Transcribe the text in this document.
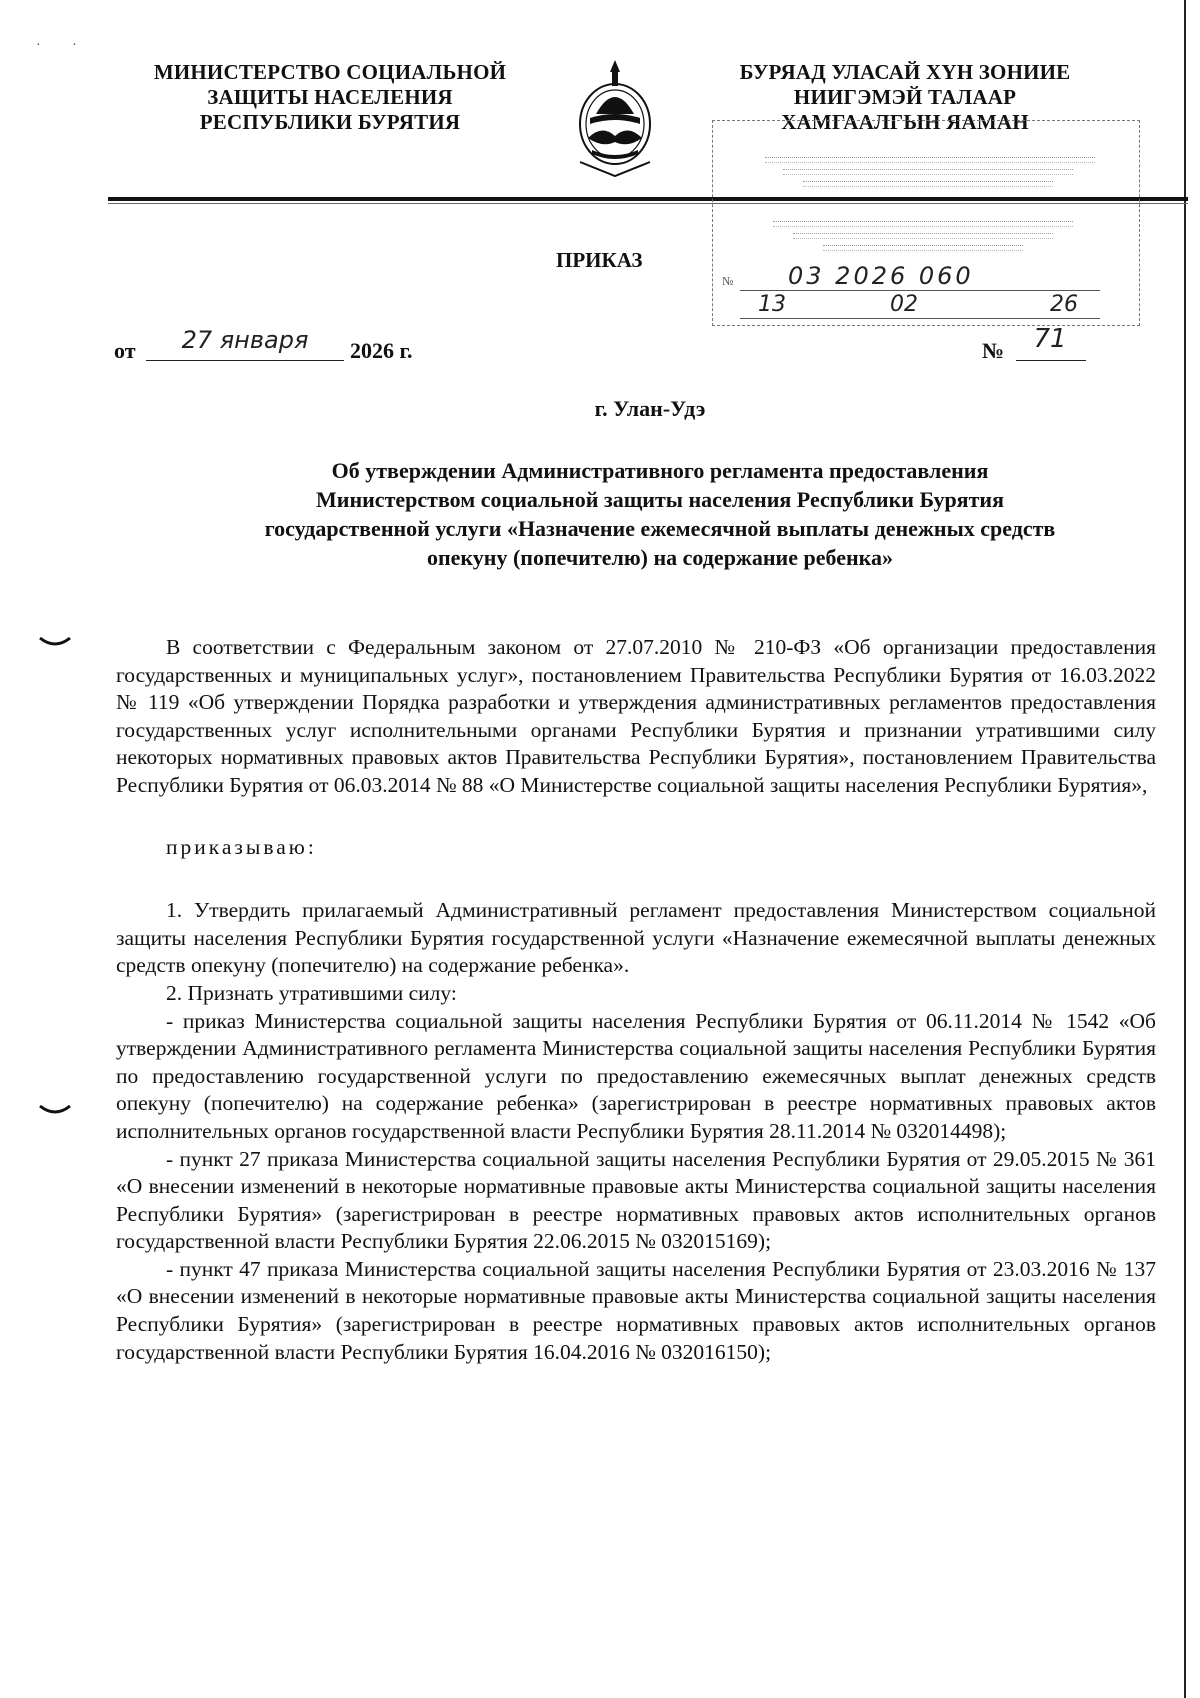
· ·
МИНИСТЕРСТВО СОЦИАЛЬНОЙ
ЗАЩИТЫ НАСЕЛЕНИЯ
РЕСПУБЛИКИ БУРЯТИЯ
БУРЯАД УЛАСАЙ ХYН ЗОНИИЕ
НИИГЭМЭЙ ТАЛААР
ХАМГААЛГЫН ЯАМАН
№ 03 2026 060
13	02	26
ПРИКАЗ
от	27 января	2026 г.	№	71
г. Улан-Удэ
Об утверждении Административного регламента предоставления
Министерством социальной защиты населения Республики Бурятия
государственной услуги «Назначение ежемесячной выплаты денежных средств
опекуну (попечителю) на содержание ребенка»

В соответствии с Федеральным законом от 27.07.2010 № 210-ФЗ «Об организации предоставления государственных и муниципальных услуг», постановлением Правительства Республики Бурятия от 16.03.2022 № 119 «Об утверждении Порядка разработки и утверждения административных регламентов предоставления государственных услуг исполнительными органами Республики Бурятия и признании утратившими силу некоторых нормативных правовых актов Правительства Республики Бурятия», постановлением Правительства Республики Бурятия от 06.03.2014 № 88 «О Министерстве социальной защиты населения Республики Бурятия»,

приказываю:

1. Утвердить прилагаемый Административный регламент предоставления Министерством социальной защиты населения Республики Бурятия государственной услуги «Назначение ежемесячной выплаты денежных средств опекуну (попечителю) на содержание ребенка».

2. Признать утратившими силу:

- приказ Министерства социальной защиты населения Республики Бурятия от 06.11.2014 № 1542 «Об утверждении Административного регламента Министерства социальной защиты населения Республики Бурятия по предоставлению государственной услуги по предоставлению ежемесячных выплат денежных средств опекуну (попечителю) на содержание ребенка» (зарегистрирован в реестре нормативных правовых актов исполнительных органов государственной власти Республики Бурятия 28.11.2014 № 032014498);

- пункт 27 приказа Министерства социальной защиты населения Республики Бурятия от 29.05.2015 № 361 «О внесении изменений в некоторые нормативные правовые акты Министерства социальной защиты населения Республики Бурятия» (зарегистрирован в реестре нормативных правовых актов исполнительных органов государственной власти Республики Бурятия 22.06.2015 № 032015169);

- пункт 47 приказа Министерства социальной защиты населения Республики Бурятия от 23.03.2016 № 137 «О внесении изменений в некоторые нормативные правовые акты Министерства социальной защиты населения Республики Бурятия» (зарегистрирован в реестре нормативных правовых актов исполнительных органов государственной власти Республики Бурятия 16.04.2016 № 032016150);
